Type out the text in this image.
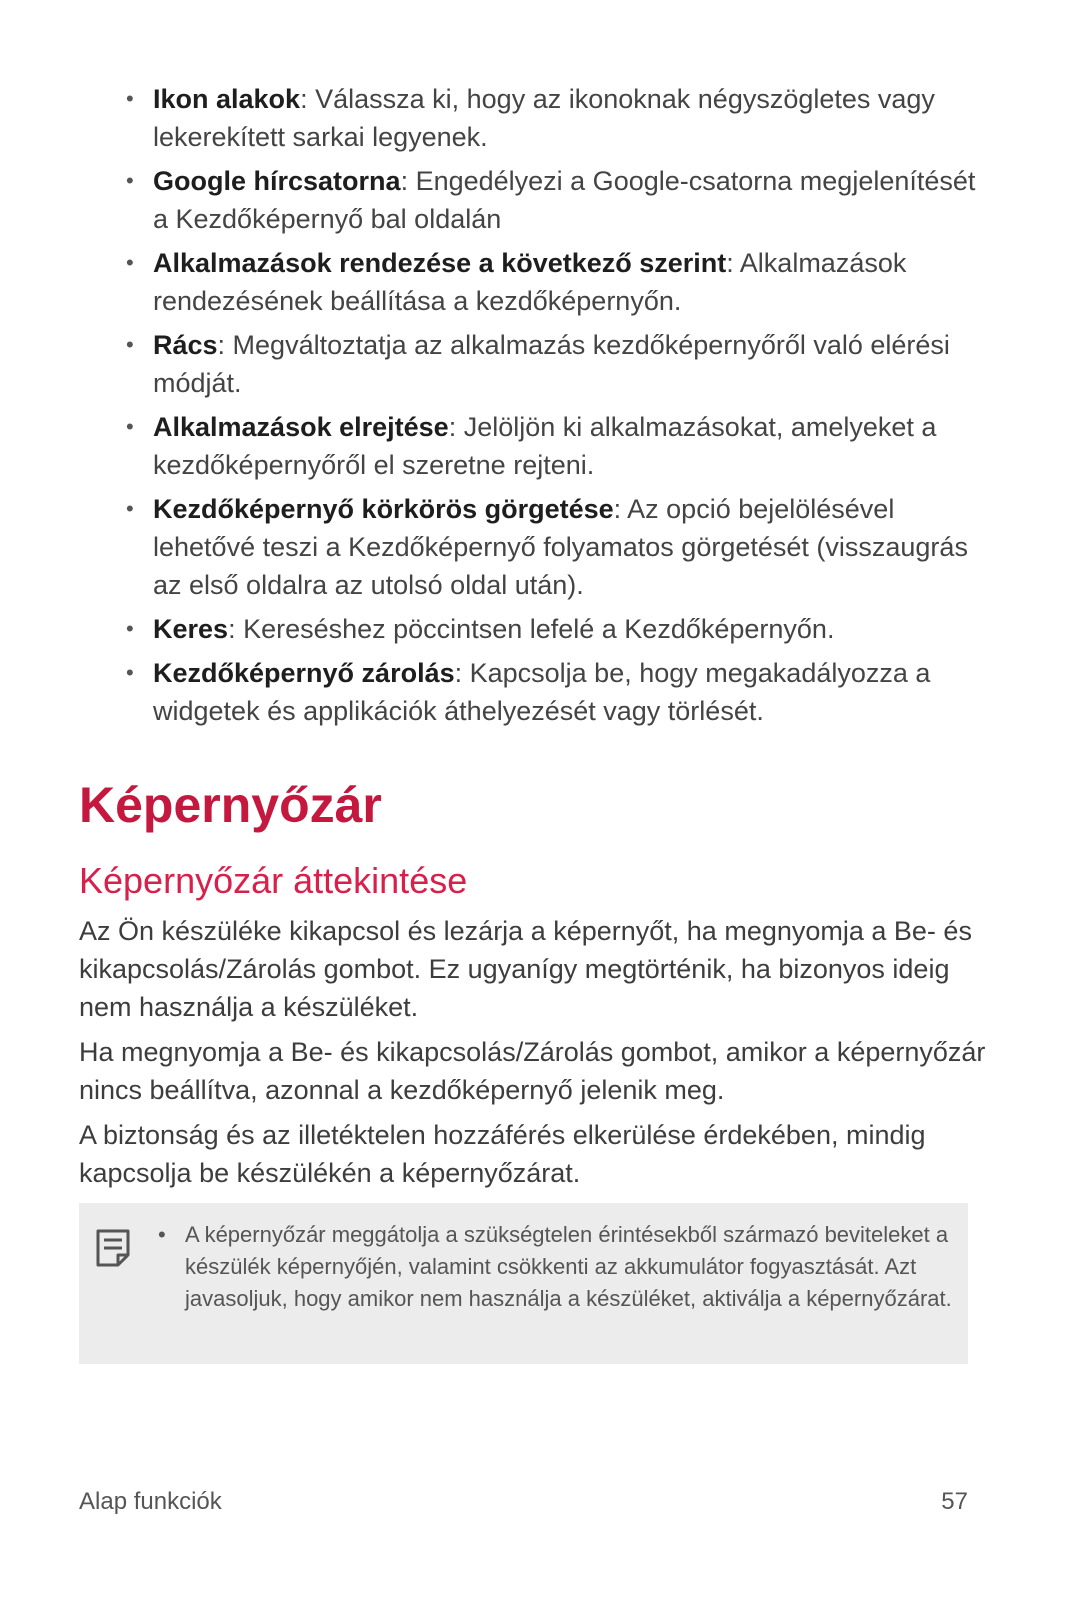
• Ikon alakok: Válassza ki, hogy az ikonoknak négyszögletes vagy lekerekített sarkai legyenek.
• Google hírcsatorna: Engedélyezi a Google-csatorna megjelenítését a Kezdőképernyő bal oldalán
• Alkalmazások rendezése a következő szerint: Alkalmazások rendezésének beállítása a kezdőképernyőn.
• Rács: Megváltoztatja az alkalmazás kezdőképernyőről való elérési módját.
• Alkalmazások elrejtése: Jelöljön ki alkalmazásokat, amelyeket a kezdőképernyőről el szeretne rejteni.
• Kezdőképernyő körkörös görgetése: Az opció bejelölésével lehetővé teszi a Kezdőképernyő folyamatos görgetését (visszaugrás az első oldalra az utolsó oldal után).
• Keres: Kereséshez pöccintsen lefelé a Kezdőképernyőn.
• Kezdőképernyő zárolás: Kapcsolja be, hogy megakadályozza a widgetek és applikációk áthelyezését vagy törlését.
Képernyőzár
Képernyőzár áttekintése

Az Ön készüléke kikapcsol és lezárja a képernyőt, ha megnyomja a Be- és kikapcsolás/Zárolás gombot. Ez ugyanígy megtörténik, ha bizonyos ideig nem használja a készüléket.

Ha megnyomja a Be- és kikapcsolás/Zárolás gombot, amikor a képernyőzár nincs beállítva, azonnal a kezdőképernyő jelenik meg.

A biztonság és az illetéktelen hozzáférés elkerülése érdekében, mindig kapcsolja be készülékén a képernyőzárat.

• A képernyőzár meggátolja a szükségtelen érintésekből származó beviteleket a készülék képernyőjén, valamint csökkenti az akkumulátor fogyasztását. Azt javasoljuk, hogy amikor nem használja a készüléket, aktiválja a képernyőzárat.
Alap funkciók	57
